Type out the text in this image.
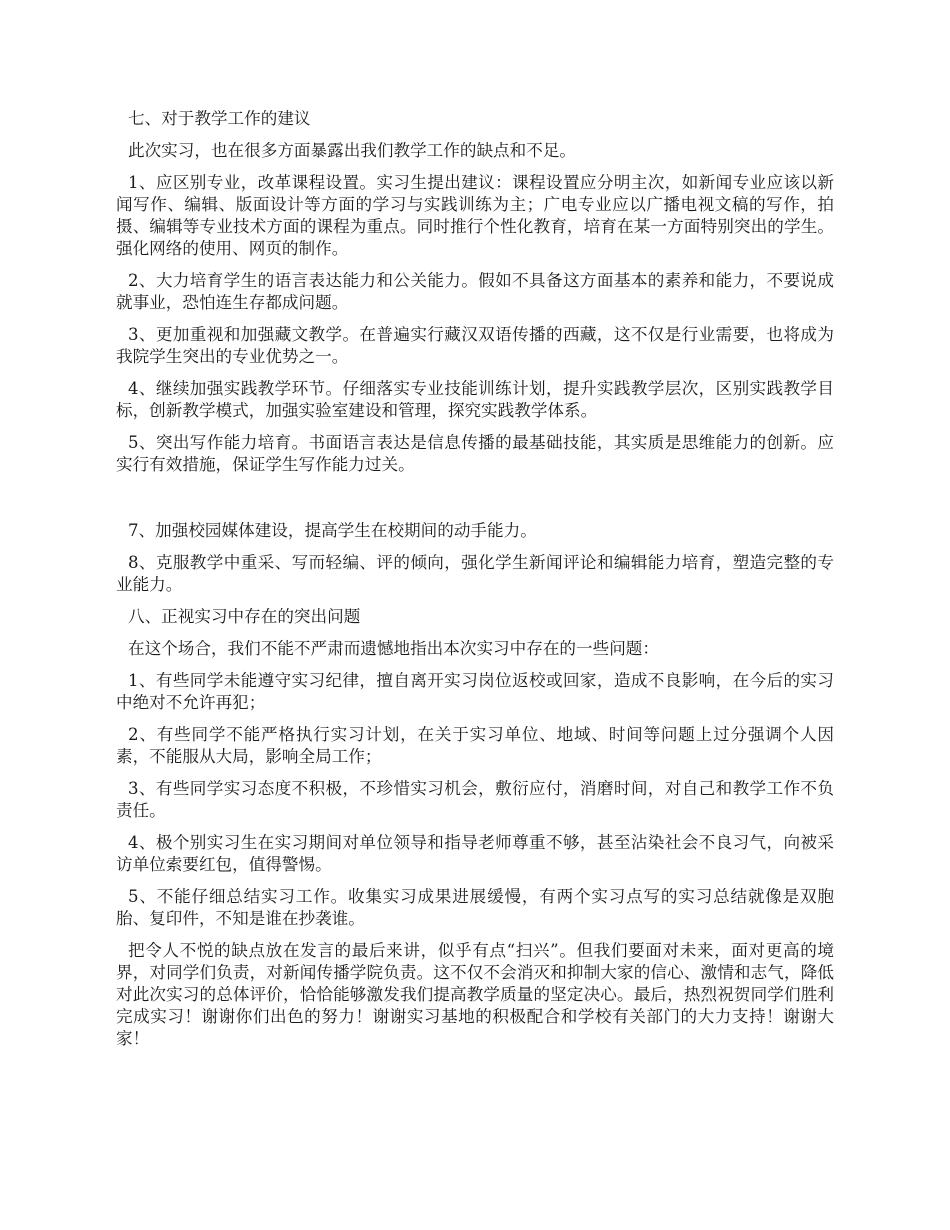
七、对于教学工作的建议

此次实习，也在很多方面暴露出我们教学工作的缺点和不足。

1、应区别专业，改革课程设置。实习生提出建议：课程设置应分明主次，如新闻专业应该以新闻写作、编辑、版面设计等方面的学习与实践训练为主；广电专业应以广播电视文稿的写作，拍摄、编辑等专业技术方面的课程为重点。同时推行个性化教育，培育在某一方面特别突出的学生。强化网络的使用、网页的制作。

2、大力培育学生的语言表达能力和公关能力。假如不具备这方面基本的素养和能力，不要说成就事业，恐怕连生存都成问题。

3、更加重视和加强藏文教学。在普遍实行藏汉双语传播的西藏，这不仅是行业需要，也将成为我院学生突出的专业优势之一。

4、继续加强实践教学环节。仔细落实专业技能训练计划，提升实践教学层次，区别实践教学目标，创新教学模式，加强实验室建设和管理，探究实践教学体系。

5、突出写作能力培育。书面语言表达是信息传播的最基础技能，其实质是思维能力的创新。应实行有效措施，保证学生写作能力过关。

7、加强校园媒体建设，提高学生在校期间的动手能力。

8、克服教学中重采、写而轻编、评的倾向，强化学生新闻评论和编辑能力培育，塑造完整的专业能力。

八、正视实习中存在的突出问题

在这个场合，我们不能不严肃而遗憾地指出本次实习中存在的一些问题：

1、有些同学未能遵守实习纪律，擅自离开实习岗位返校或回家，造成不良影响，在今后的实习中绝对不允许再犯；

2、有些同学不能严格执行实习计划，在关于实习单位、地域、时间等问题上过分强调个人因素，不能服从大局，影响全局工作；

3、有些同学实习态度不积极，不珍惜实习机会，敷衍应付，消磨时间，对自己和教学工作不负责任。

4、极个别实习生在实习期间对单位领导和指导老师尊重不够，甚至沾染社会不良习气，向被采访单位索要红包，值得警惕。

5、不能仔细总结实习工作。收集实习成果进展缓慢，有两个实习点写的实习总结就像是双胞胎、复印件，不知是谁在抄袭谁。

把令人不悦的缺点放在发言的最后来讲，似乎有点“扫兴”。但我们要面对未来，面对更高的境界，对同学们负责，对新闻传播学院负责。这不仅不会消灭和抑制大家的信心、激情和志气，降低对此次实习的总体评价，恰恰能够激发我们提高教学质量的坚定决心。最后，热烈祝贺同学们胜利完成实习！谢谢你们出色的努力！谢谢实习基地的积极配合和学校有关部门的大力支持！谢谢大家！
